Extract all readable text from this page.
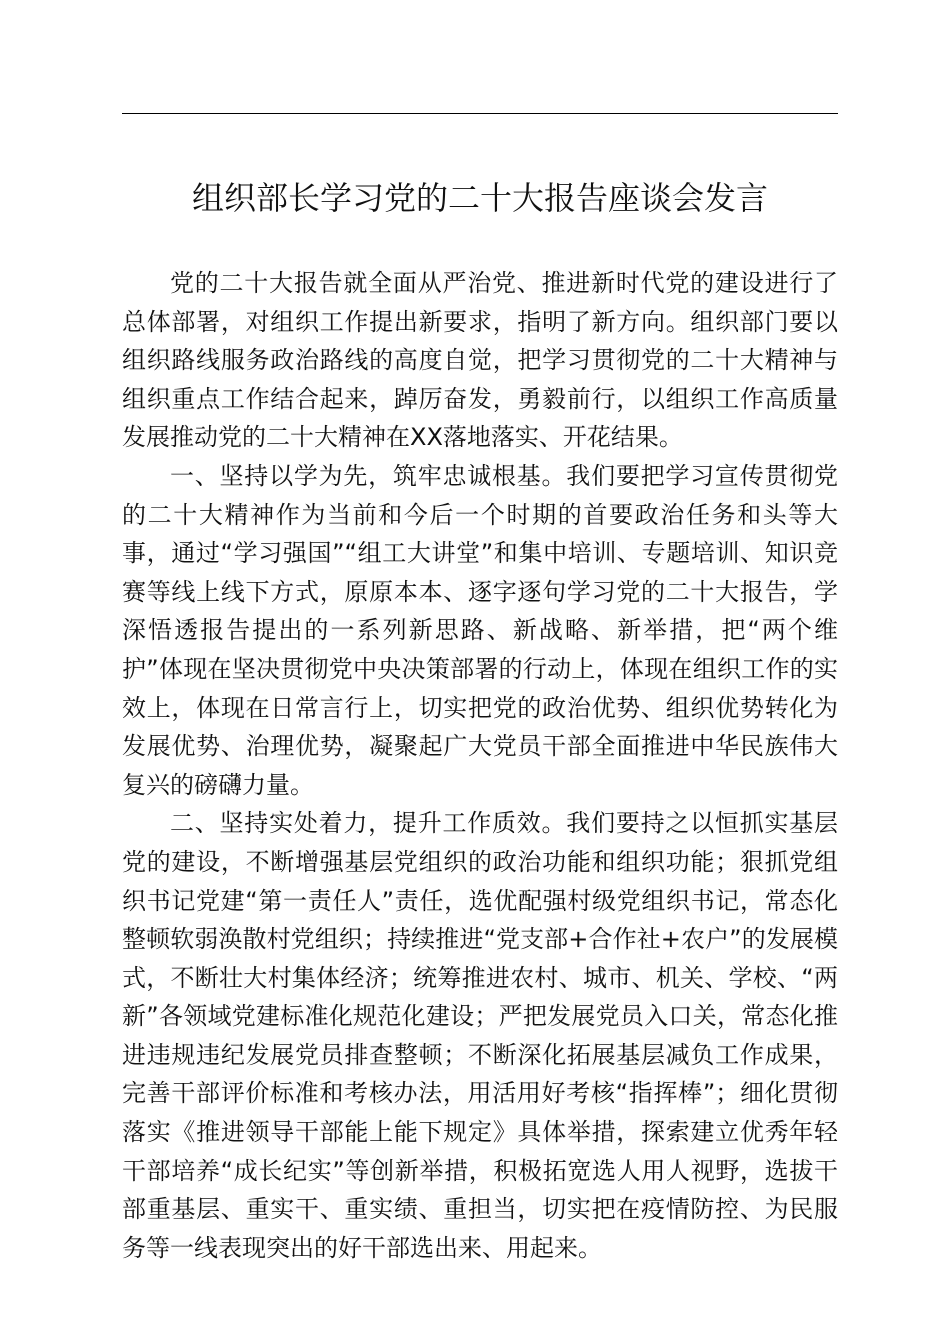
组织部长学习党的二十大报告座谈会发言

党的二十大报告就全面从严治党、推进新时代党的建设进行了总体部署，对组织工作提出新要求，指明了新方向。组织部门要以组织路线服务政治路线的高度自觉，把学习贯彻党的二十大精神与组织重点工作结合起来，踔厉奋发，勇毅前行，以组织工作高质量发展推动党的二十大精神在XX落地落实、开花结果。

一、坚持以学为先，筑牢忠诚根基。我们要把学习宣传贯彻党的二十大精神作为当前和今后一个时期的首要政治任务和头等大事，通过“学习强国”“组工大讲堂”和集中培训、专题培训、知识竞赛等线上线下方式，原原本本、逐字逐句学习党的二十大报告，学深悟透报告提出的一系列新思路、新战略、新举措，把“两个维护”体现在坚决贯彻党中央决策部署的行动上，体现在组织工作的实效上，体现在日常言行上，切实把党的政治优势、组织优势转化为发展优势、治理优势，凝聚起广大党员干部全面推进中华民族伟大复兴的磅礴力量。

二、坚持实处着力，提升工作质效。我们要持之以恒抓实基层党的建设，不断增强基层党组织的政治功能和组织功能；狠抓党组织书记党建“第一责任人”责任，选优配强村级党组织书记，常态化整顿软弱涣散村党组织；持续推进“党支部+合作社+农户”的发展模式，不断壮大村集体经济；统筹推进农村、城市、机关、学校、“两新”各领域党建标准化规范化建设；严把发展党员入口关，常态化推进违规违纪发展党员排查整顿；不断深化拓展基层减负工作成果，完善干部评价标准和考核办法，用活用好考核“指挥棒”；细化贯彻落实《推进领导干部能上能下规定》具体举措，探索建立优秀年轻干部培养“成长纪实”等创新举措，积极拓宽选人用人视野，选拔干部重基层、重实干、重实绩、重担当，切实把在疫情防控、为民服务等一线表现突出的好干部选出来、用起来。
